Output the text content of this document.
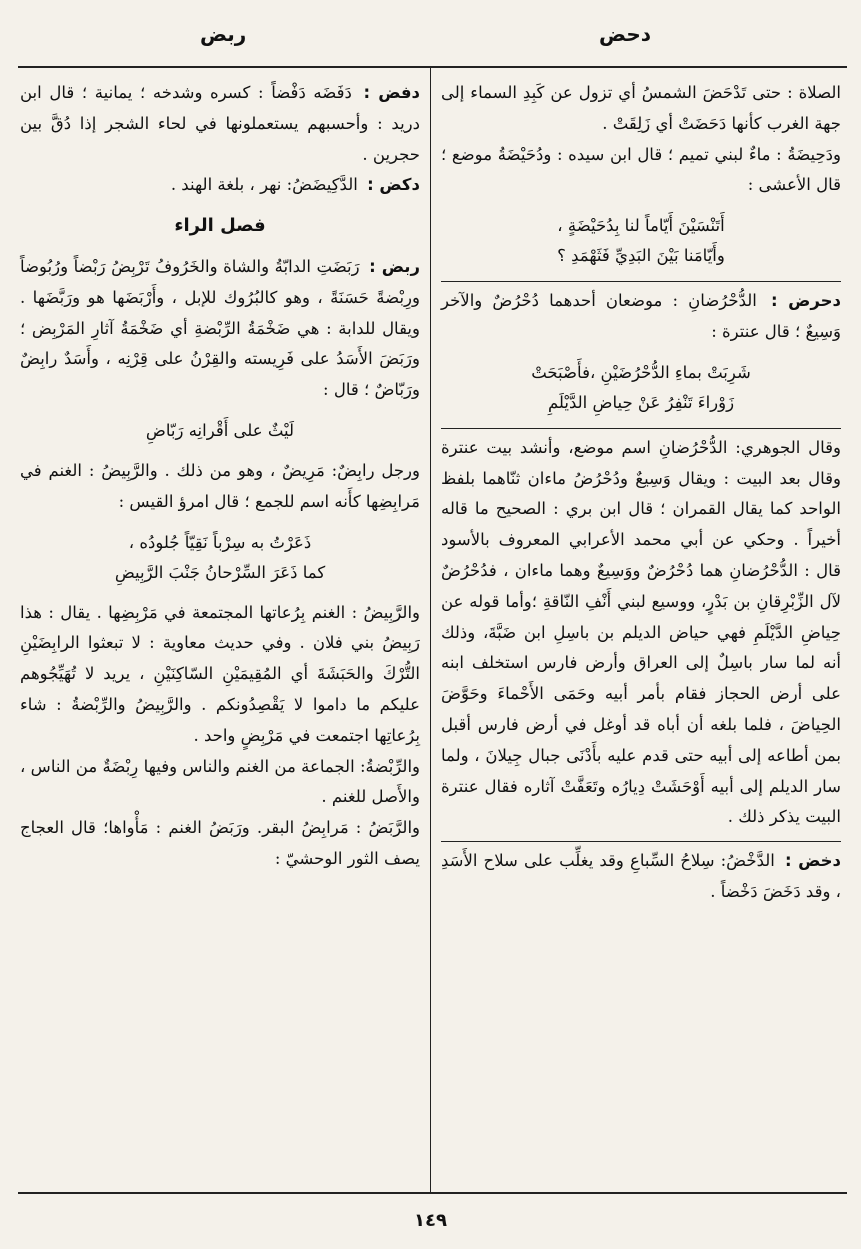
دحض
ربض

الصلاة : حتى تَدْحَضَ الشمسُ أي تزول عن كَبِدِ السماء إلى جهة الغرب كأنها دَحَضَتْ أي زَلِقَتْ .

ودَحِيضَةُ : ماءٌ لبني تميم ؛ قال ابن سيده : ودُحَيْضَةُ موضع ؛ قال الأعشى :

أَتَنْسَيْنَ أَيّاماً لنا بِدُحَيْضَةٍ ،
وأَيّامَنا بَيْنَ البَدِيِّ فَثَهْمَدِ ؟

دحرض : الدُّحْرُضانِ : موضعان أحدهما دُحْرُضٌ والآخر وَسِيعٌ ؛ قال عنترة :

شَرِبَتْ بماءِ الدُّحْرُضَيْنِ ،فأَصْبَحَتْ
زَوْراءَ تَنْفِرُ عَنْ حِياضِ الدَّيْلَمِ

وقال الجوهري: الدُّحْرُضانِ اسم موضع، وأنشد بيت عنترة وقال بعد البيت : ويقال وَسِيعٌ ودُحْرُضُ ماءان ثنّاهما بلفظ الواحد كما يقال القمران ؛ قال ابن بري : الصحيح ما قاله أخيراً . وحكي عن أبي محمد الأعرابي المعروف بالأسود قال : الدُّحْرُضانِ هما دُحْرُضٌ ووَسِيعٌ وهما ماءان ، فدُحْرُضٌ لآل الزِّبْرِقانِ بن بَدْرٍ، ووسيع لبني أَنْفِ النّاقةِ ؛وأما قوله عن حِياضِ الدَّيْلَمِ فهي حياض الديلم بن باسِلِ ابن ضَبَّةَ، وذلك أنه لما سار باسِلٌ إلى العراق وأرض فارس استخلف ابنه على أرض الحجاز فقام بأمر أبيه وحَمَى الأَحْماءَ وحَوَّضَ الحِياضَ ، فلما بلغه أن أباه قد أوغل في أرض فارس أقبل بمن أطاعه إلى أبيه حتى قدم عليه بأَدْنَى جبال جِيلانَ ، ولما سار الديلم إلى أبيه أَوْحَشَتْ دِيارُه وتَعَفَّتْ آثاره فقال عنترة البيت يذكر ذلك .

دخض : الدَّخْضُ: سِلاحُ السِّباعِ وقد يغلِّب على سلاح الأَسَدِ ، وقد دَخَضَ دَخْضاً .

دفض : دَفَضَه دَفْضاً : كسره وشدخه ؛ يمانية ؛ قال ابن دريد : وأحسبهم يستعملونها في لحاء الشجر إذا دُقَّ بين حجرين .

دكض : الدَّكِيضَضُ: نهر ، بلغة الهند .

فصل الراء

ربض : رَبَضَتِ الدابّةُ والشاة والخَرُوفُ تَرْبِضُ رَبْضاً ورُبُوضاً ورِبْضةً حَسَنَةً ، وهو كالبُرُوك للإبل ، وأَرْبَضَها هو ورَبَّضَها . ويقال للدابة : هي ضَخْمَةُ الرِّبْضةِ أي ضَخْمَةُ آثارِ المَرْبِض ؛ ورَبَضَ الأَسَدُ على فَرِيسته والقِرْنُ على قِرْنِه ، وأَسَدٌ رابِضٌ ورَبّاضٌ ؛ قال :

لَيْثٌ على أَقْرانِه رَبّاضِ

ورجل رابِضٌ: مَرِيضٌ ، وهو من ذلك . والرَّبِيضُ : الغنم في مَرابِضِها كأَنه اسم للجمع ؛ قال امرؤ القيس :

ذَعَرْتُ به سِرْباً نَقِيّاً جُلودُه ،
كما ذَعَرَ السِّرْحانُ جَنْبَ الرَّبِيضِ

والرَّبِيضُ : الغنم بِرُعاتها المجتمعة في مَرْبِضِها . يقال : هذا رَبِيضُ بني فلان . وفي حديث معاوية : لا تبعثوا الرابِضَيْنِ التُّرْكَ والحَبَشَةَ أي المُقِيمَيْنِ السّاكِنَيْنِ ، يريد لا تُهَيِّجُوهم عليكم ما داموا لا يَقْصِدُونكم . والرَّبِيضُ والرِّبْضةُ : شاء بِرُعاتِها اجتمعت في مَرْبِضٍ واحد .

والرِّبْضةُ: الجماعة من الغنم والناس وفيها رِبْضَةٌ من الناس ، والأَصل للغنم .

والرَّبَضُ : مَرابِضُ البقر. ورَبَضُ الغنم : مَأْواها؛ قال العجاج يصف الثور الوحشيّ :

١٤٩
